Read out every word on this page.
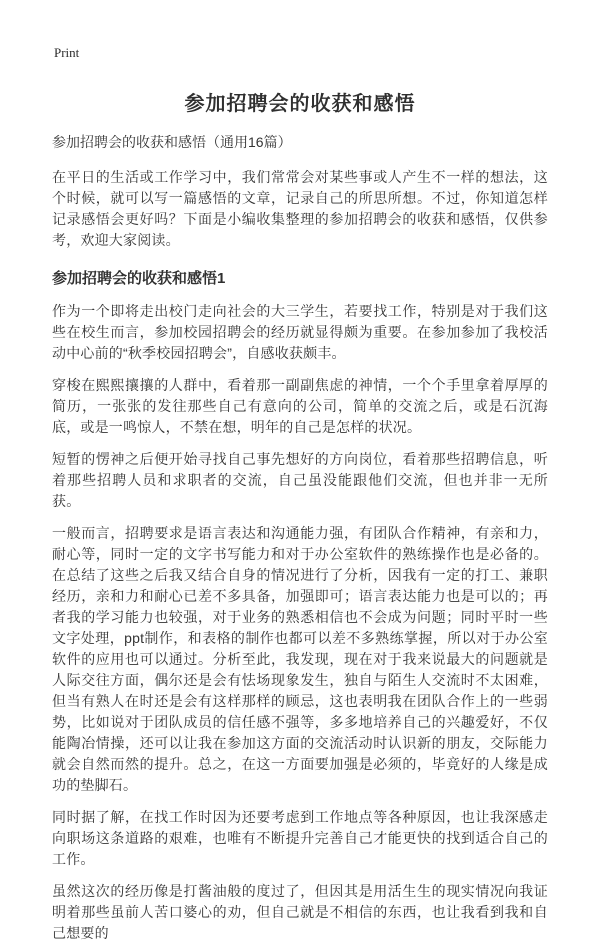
Print
参加招聘会的收获和感悟
参加招聘会的收获和感悟（通用16篇）

在平日的生活或工作学习中，我们常常会对某些事或人产生不一样的想法，这个时候，就可以写一篇感悟的文章，记录自己的所思所想。不过，你知道怎样记录感悟会更好吗？下面是小编收集整理的参加招聘会的收获和感悟，仅供参考，欢迎大家阅读。

参加招聘会的收获和感悟1

作为一个即将走出校门走向社会的大三学生，若要找工作，特别是对于我们这些在校生而言，参加校园招聘会的经历就显得颇为重要。在参加参加了我校活动中心前的“秋季校园招聘会”，自感收获颇丰。

穿梭在熙熙攘攘的人群中，看着那一副副焦虑的神情，一个个手里拿着厚厚的简历，一张张的发往那些自己有意向的公司，简单的交流之后，或是石沉海底，或是一鸣惊人，不禁在想，明年的自己是怎样的状况。

短暂的愣神之后便开始寻找自己事先想好的方向岗位，看着那些招聘信息，听着那些招聘人员和求职者的交流，自己虽没能跟他们交流，但也并非一无所获。

一般而言，招聘要求是语言表达和沟通能力强，有团队合作精神，有亲和力，耐心等，同时一定的文字书写能力和对于办公室软件的熟练操作也是必备的。在总结了这些之后我又结合自身的情况进行了分析，因我有一定的打工、兼职经历，亲和力和耐心已差不多具备，加强即可；语言表达能力也是可以的；再者我的学习能力也较强，对于业务的熟悉相信也不会成为问题；同时平时一些文字处理，ppt制作，和表格的制作也都可以差不多熟练掌握，所以对于办公室软件的应用也可以通过。分析至此，我发现，现在对于我来说最大的问题就是人际交往方面，偶尔还是会有怯场现象发生，独自与陌生人交流时不太困难，但当有熟人在时还是会有这样那样的顾忌，这也表明我在团队合作上的一些弱势，比如说对于团队成员的信任感不强等，多多地培养自己的兴趣爱好，不仅能陶冶情操，还可以让我在参加这方面的交流活动时认识新的朋友，交际能力就会自然而然的提升。总之，在这一方面要加强是必须的，毕竟好的人缘是成功的垫脚石。

同时据了解，在找工作时因为还要考虑到工作地点等各种原因，也让我深感走向职场这条道路的艰难，也唯有不断提升完善自己才能更快的找到适合自己的工作。

虽然这次的经历像是打酱油般的度过了，但因其是用活生生的现实情况向我证明着那些虽前人苦口婆心的劝，但自己就是不相信的东西，也让我看到我和自己想要的
